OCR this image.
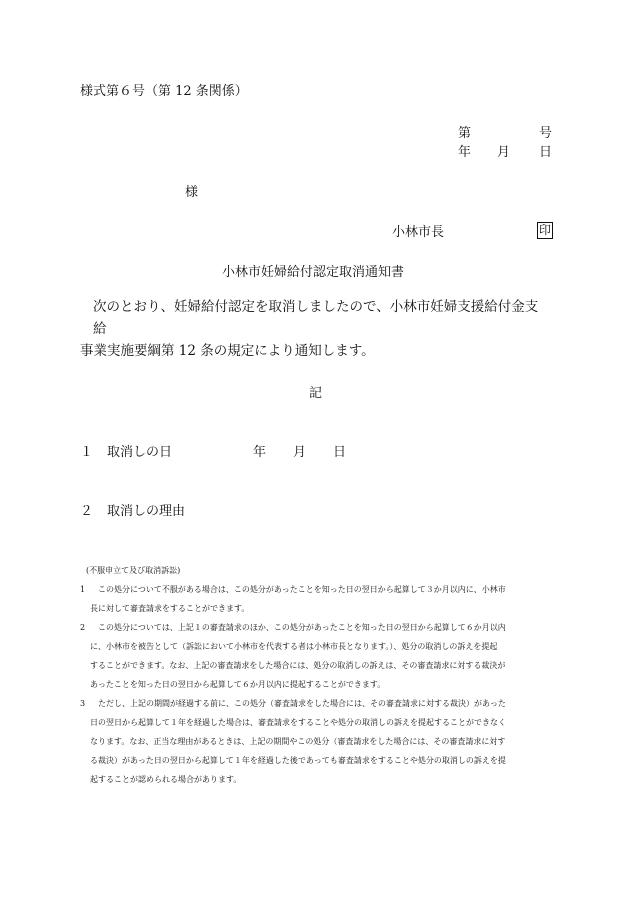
様式第６号（第 12 条関係）
第	号
年 月 日
様
小林市長	印
小林市妊婦給付認定取消通知書
次のとおり、妊婦給付認定を取消しましたので、小林市妊婦支援給付金支給
事業実施要綱第 12 条の規定により通知します。
記
１ 取消しの日	年 月 日
２ 取消しの理由
(不服申立て及び取消訴訟)
1	この処分について不服がある場合は、この処分があったことを知った日の翌日から起算して３か月以内に、小林市
長に対して審査請求をすることができます。
2	この処分については、上記１の審査請求のほか、この処分があったことを知った日の翌日から起算して６か月以内
に、小林市を被告として（訴訟において小林市を代表する者は小林市長となります。）、処分の取消しの訴えを提起
することができます。なお、上記の審査請求をした場合には、処分の取消しの訴えは、その審査請求に対する裁決が
あったことを知った日の翌日から起算して６か月以内に提起することができます。
3	ただし、上記の期間が経過する前に、この処分（審査請求をした場合には、その審査請求に対する裁決）があった
日の翌日から起算して１年を経過した場合は、審査請求をすることや処分の取消しの訴えを提起することができなく
なります。なお、正当な理由があるときは、上記の期間やこの処分（審査請求をした場合には、その審査請求に対す
る裁決）があった日の翌日から起算して１年を経過した後であっても審査請求をすることや処分の取消しの訴えを提
起することが認められる場合があります。
